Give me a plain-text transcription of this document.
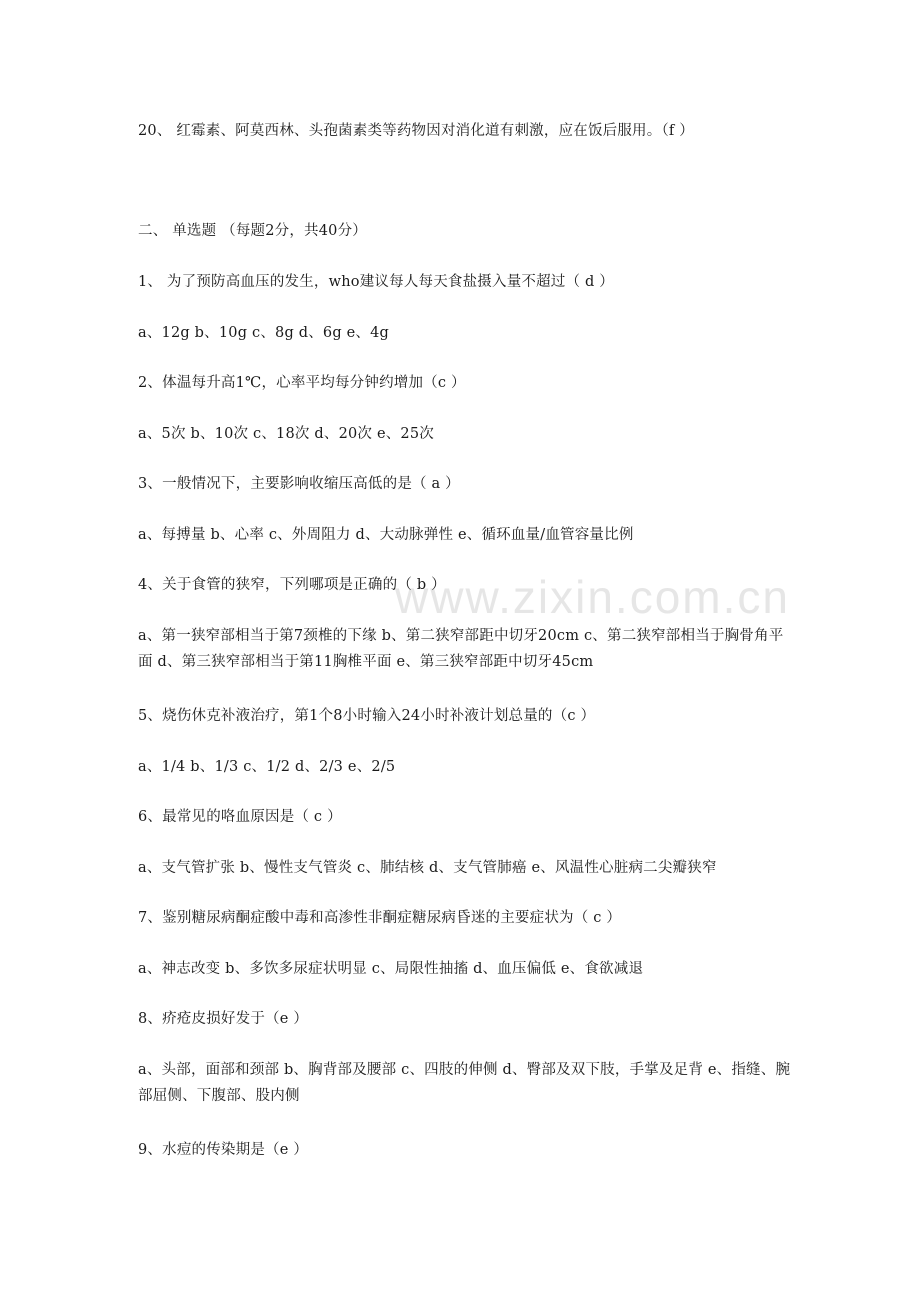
www.zixin.com.cn
20、 红霉素、阿莫西林、头孢菌素类等药物因对消化道有刺激，应在饭后服用。（f ）
二、 单选题 （每题2分，共40分）
1、 为了预防高血压的发生，who建议每人每天食盐摄入量不超过（ d ）
a、12g b、10g c、8g d、6g e、4g
2、体温每升高1℃，心率平均每分钟约增加（c ）
a、5次 b、10次 c、18次 d、20次 e、25次
3、一般情况下，主要影响收缩压高低的是（ a ）
a、每搏量 b、心率 c、外周阻力 d、大动脉弹性 e、循环血量/血管容量比例
4、关于食管的狭窄，下列哪项是正确的（ b ）
a、第一狭窄部相当于第7颈椎的下缘 b、第二狭窄部距中切牙20cm c、第二狭窄部相当于胸骨角平面 d、第三狭窄部相当于第11胸椎平面 e、第三狭窄部距中切牙45cm
5、烧伤休克补液治疗，第1个8小时输入24小时补液计划总量的（c ）
a、1/4 b、1/3 c、1/2 d、2/3 e、2/5
6、最常见的咯血原因是（ c ）
a、支气管扩张 b、慢性支气管炎 c、肺结核 d、支气管肺癌 e、风温性心脏病二尖瓣狭窄
7、鉴别糖尿病酮症酸中毒和高渗性非酮症糖尿病昏迷的主要症状为（ c ）
a、神志改变 b、多饮多尿症状明显 c、局限性抽搐 d、血压偏低 e、食欲减退
8、疥疮皮损好发于（e ）
a、头部，面部和颈部 b、胸背部及腰部 c、四肢的伸侧 d、臀部及双下肢，手掌及足背 e、指缝、腕部屈侧、下腹部、股内侧
9、水痘的传染期是（e ）
